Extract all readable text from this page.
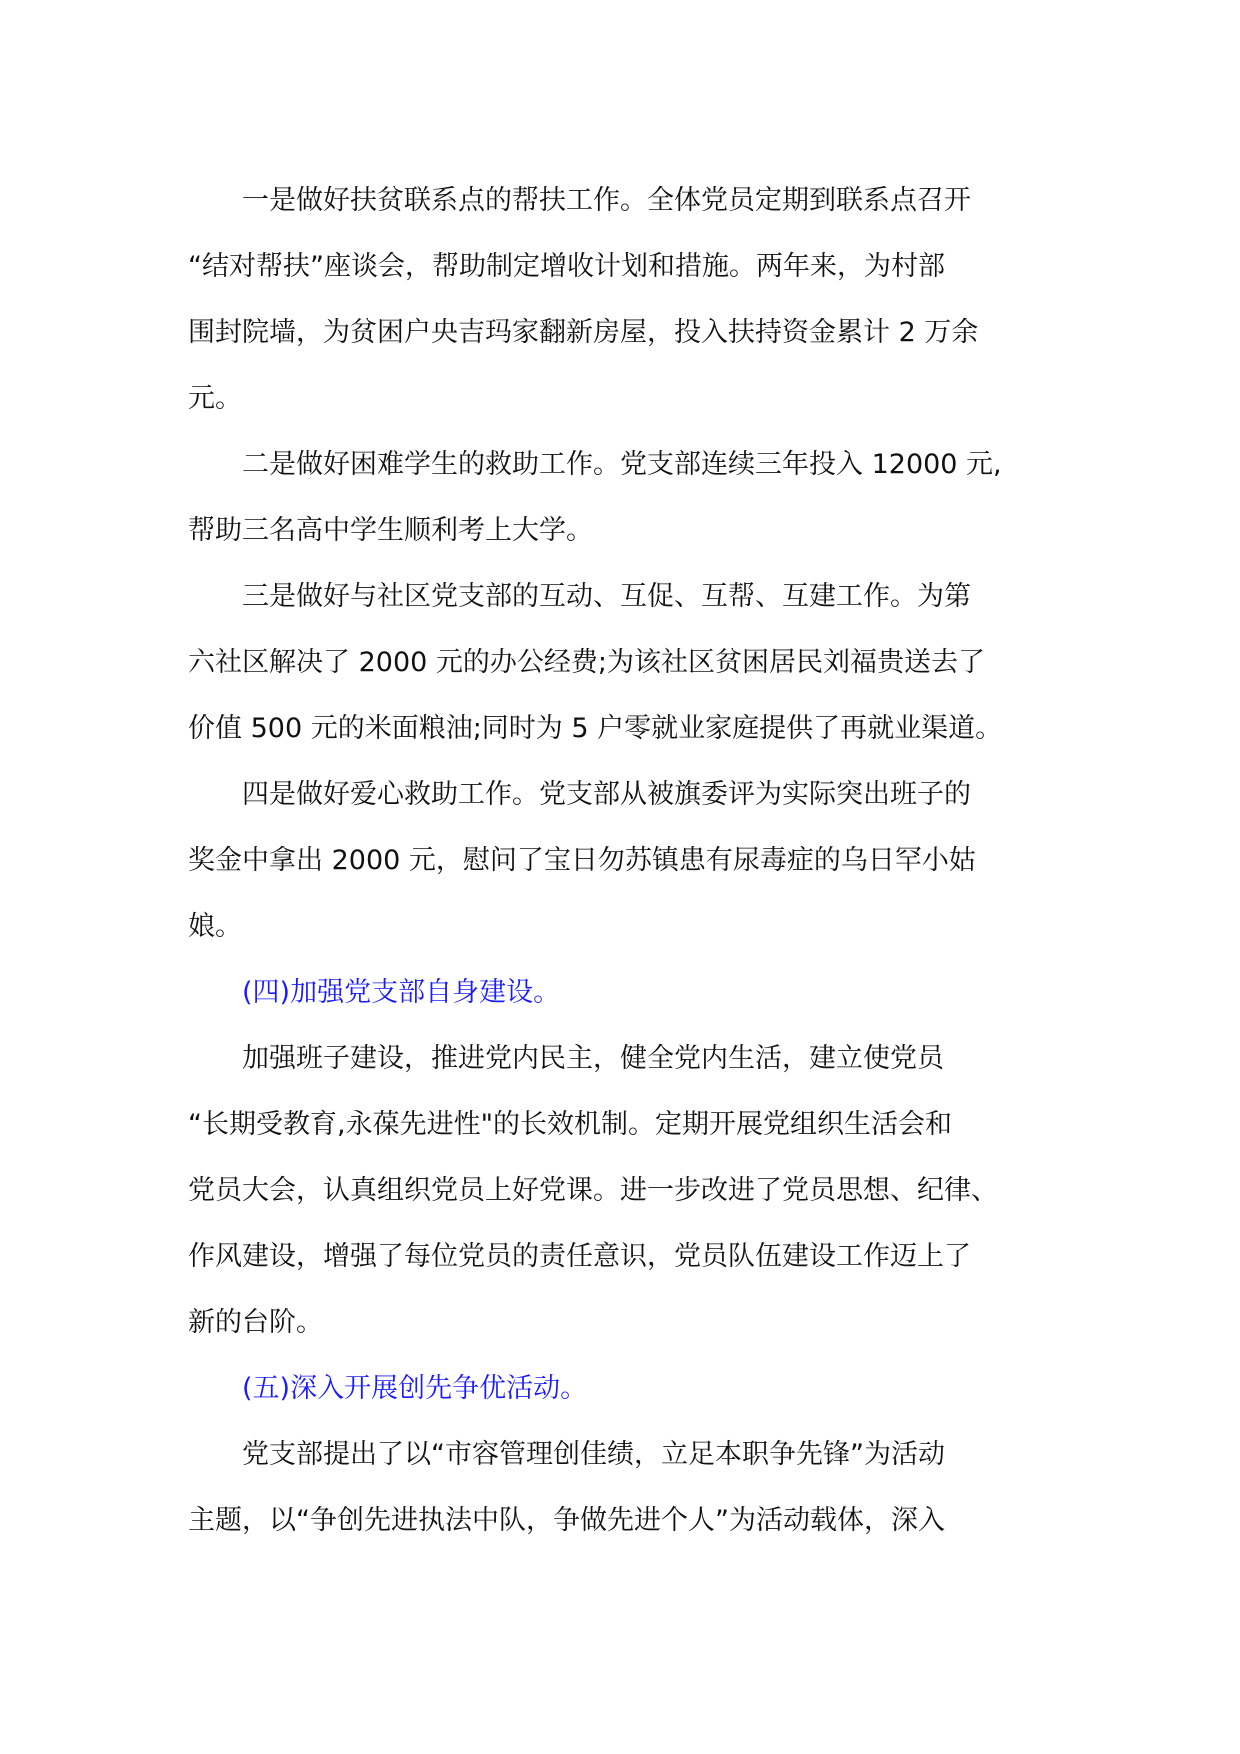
一是做好扶贫联系点的帮扶工作。全体党员定期到联系点召开
“结对帮扶”座谈会，帮助制定增收计划和措施。两年来，为村部
围封院墙，为贫困户央吉玛家翻新房屋，投入扶持资金累计 2 万余
元。

二是做好困难学生的救助工作。党支部连续三年投入 12000 元,
帮助三名高中学生顺利考上大学。

三是做好与社区党支部的互动、互促、互帮、互建工作。为第
六社区解决了 2000 元的办公经费;为该社区贫困居民刘福贵送去了
价值 500 元的米面粮油;同时为 5 户零就业家庭提供了再就业渠道。

四是做好爱心救助工作。党支部从被旗委评为实际突出班子的
奖金中拿出 2000 元，慰问了宝日勿苏镇患有尿毒症的乌日罕小姑
娘。

(四)加强党支部自身建设。

加强班子建设，推进党内民主，健全党内生活，建立使党员
“长期受教育,永葆先进性"的长效机制。定期开展党组织生活会和
党员大会，认真组织党员上好党课。进一步改进了党员思想、纪律、
作风建设，增强了每位党员的责任意识，党员队伍建设工作迈上了
新的台阶。

(五)深入开展创先争优活动。

党支部提出了以“市容管理创佳绩，立足本职争先锋”为活动
主题，以“争创先进执法中队，争做先进个人”为活动载体，深入
